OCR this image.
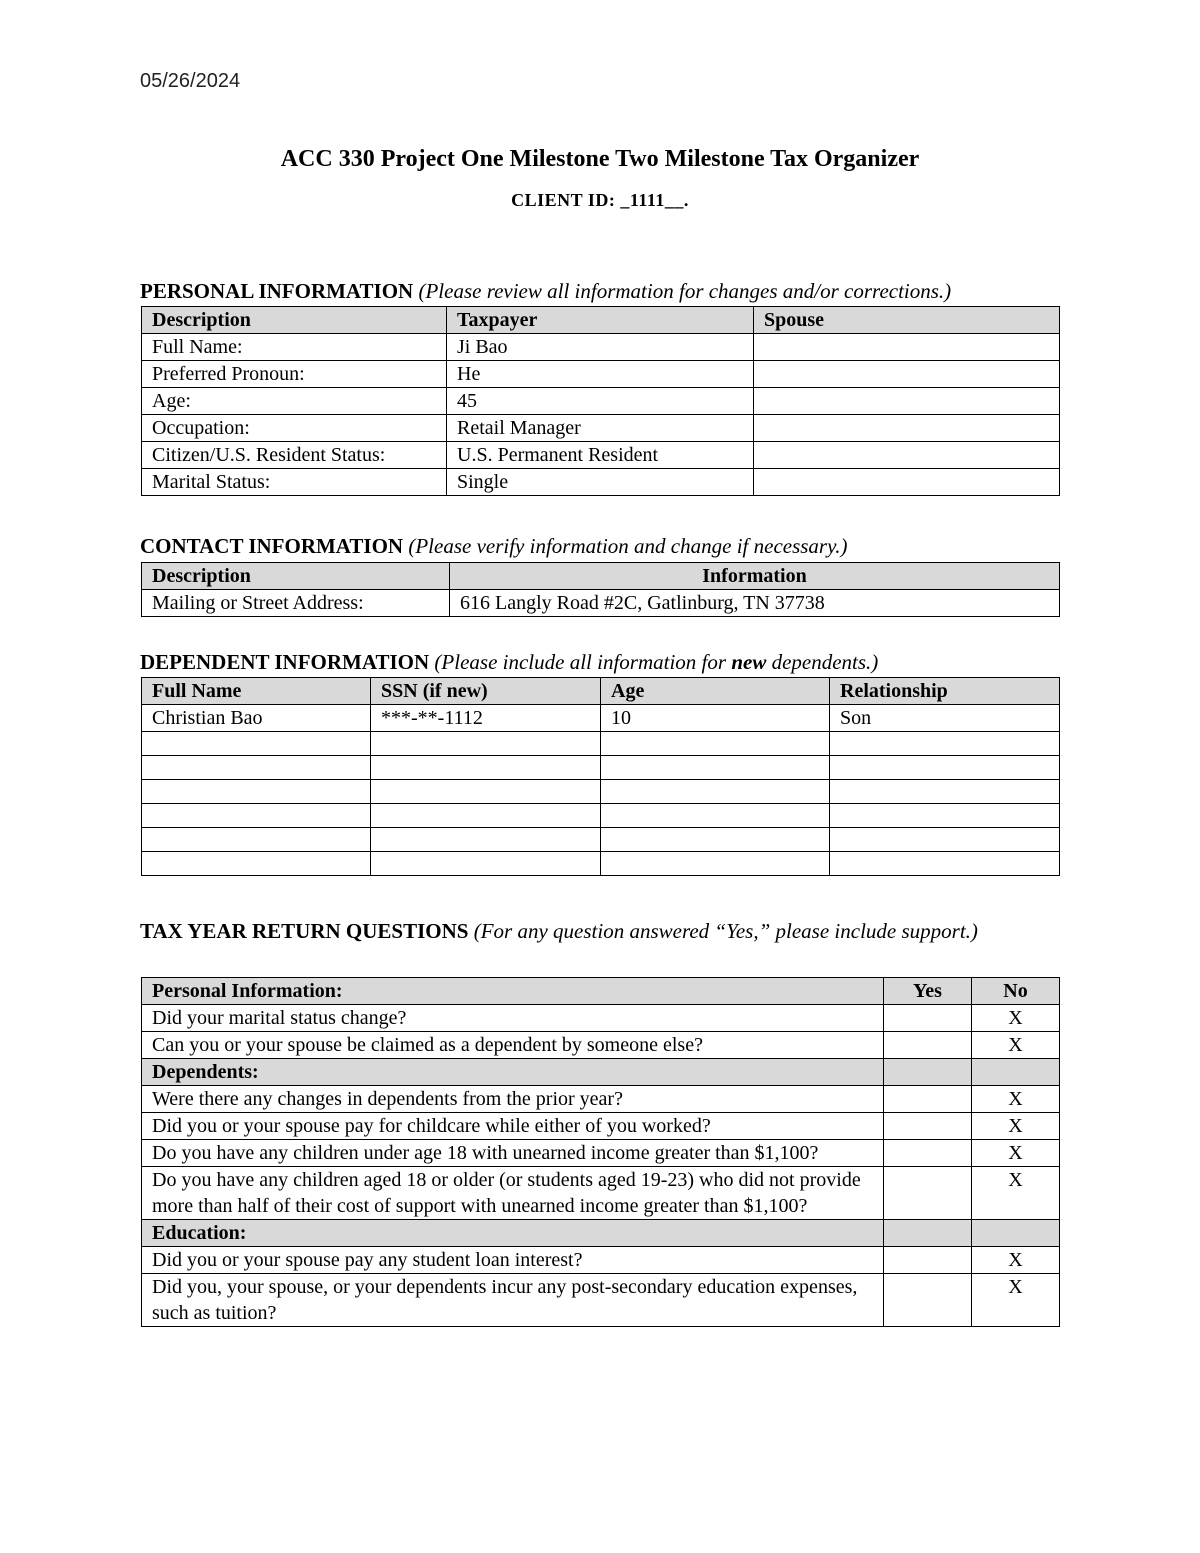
05/26/2024
ACC 330 Project One Milestone Two Milestone Tax Organizer
CLIENT ID: _1111__.
PERSONAL INFORMATION (Please review all information for changes and/or corrections.)
Description	Taxpayer	Spouse
Full Name:	Ji Bao	
Preferred Pronoun:	He	
Age:	45	
Occupation:	Retail Manager	
Citizen/U.S. Resident Status:	U.S. Permanent Resident	
Marital Status:	Single	
CONTACT INFORMATION (Please verify information and change if necessary.)
Description	Information
Mailing or Street Address:	616 Langly Road #2C, Gatlinburg, TN 37738
DEPENDENT INFORMATION (Please include all information for new dependents.)
Full Name	SSN (if new)	Age	Relationship
Christian Bao	***-**-1112	10	Son

TAX YEAR RETURN QUESTIONS (For any question answered “Yes,” please include support.)
Personal Information:	Yes	No
Did your marital status change?		X
Can you or your spouse be claimed as a dependent by someone else?		X
Dependents:		
Were there any changes in dependents from the prior year?		X
Did you or your spouse pay for childcare while either of you worked?		X
Do you have any children under age 18 with unearned income greater than $1,100?		X
Do you have any children aged 18 or older (or students aged 19-23) who did not provide more than half of their cost of support with unearned income greater than $1,100?		X
Education:		
Did you or your spouse pay any student loan interest?		X
Did you, your spouse, or your dependents incur any post-secondary education expenses, such as tuition?		X
